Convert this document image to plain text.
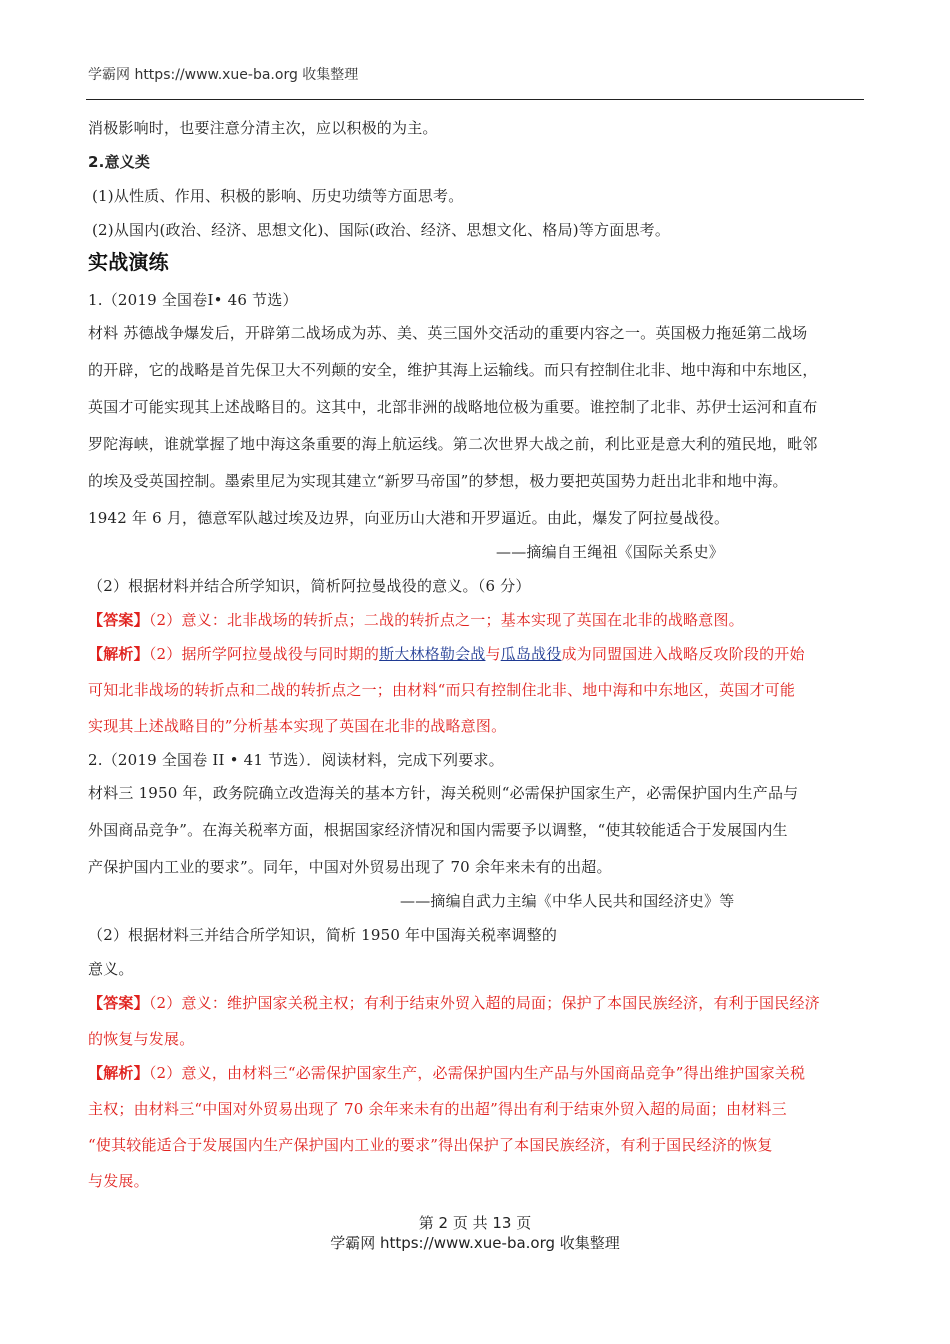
学霸网 https://www.xue-ba.org 收集整理
消极影响时，也要注意分清主次，应以积极的为主。
2.意义类
(1)从性质、作用、积极的影响、历史功绩等方面思考。
(2)从国内(政治、经济、思想文化)、国际(政治、经济、思想文化、格局)等方面思考。
实战演练
1.（2019 全国卷Ⅰ• 46 节选）
材料 苏德战争爆发后，开辟第二战场成为苏、美、英三国外交活动的重要内容之一。英国极力拖延第二战场
的开辟，它的战略是首先保卫大不列颠的安全，维护其海上运输线。而只有控制住北非、地中海和中东地区，
英国才可能实现其上述战略目的。这其中，北部非洲的战略地位极为重要。谁控制了北非、苏伊士运河和直布
罗陀海峡，谁就掌握了地中海这条重要的海上航运线。第二次世界大战之前，利比亚是意大利的殖民地，毗邻
的埃及受英国控制。墨索里尼为实现其建立“新罗马帝国”的梦想，极力要把英国势力赶出北非和地中海。
1942 年 6 月，德意军队越过埃及边界，向亚历山大港和开罗逼近。由此，爆发了阿拉曼战役。
——摘编自王绳祖《国际关系史》
（2）根据材料并结合所学知识，简析阿拉曼战役的意义。（6 分）
【答案】（2）意义：北非战场的转折点；二战的转折点之一；基本实现了英国在北非的战略意图。
【解析】（2）据所学阿拉曼战役与同时期的斯大林格勒会战与瓜岛战役成为同盟国进入战略反攻阶段的开始
可知北非战场的转折点和二战的转折点之一；由材料“而只有控制住北非、地中海和中东地区，英国才可能
实现其上述战略目的”分析基本实现了英国在北非的战略意图。
2.（2019 全国卷 II • 41 节选）．阅读材料，完成下列要求。
材料三 1950 年，政务院确立改造海关的基本方针，海关税则“必需保护国家生产，必需保护国内生产品与
外国商品竞争”。在海关税率方面，根据国家经济情况和国内需要予以调整，“使其较能适合于发展国内生
产保护国内工业的要求”。同年，中国对外贸易出现了 70 余年来未有的出超。
——摘编自武力主编《中华人民共和国经济史》等
（2）根据材料三并结合所学知识，简析 1950 年中国海关税率调整的
意义。
【答案】（2）意义：维护国家关税主权；有利于结束外贸入超的局面；保护了本国民族经济，有利于国民经济
的恢复与发展。
【解析】（2）意义，由材料三“必需保护国家生产，必需保护国内生产品与外国商品竞争”得出维护国家关税
主权；由材料三“中国对外贸易出现了 70 余年来未有的出超”得出有利于结束外贸入超的局面；由材料三
“使其较能适合于发展国内生产保护国内工业的要求”得出保护了本国民族经济，有利于国民经济的恢复
与发展。
第 2 页 共 13 页
学霸网 https://www.xue-ba.org 收集整理
